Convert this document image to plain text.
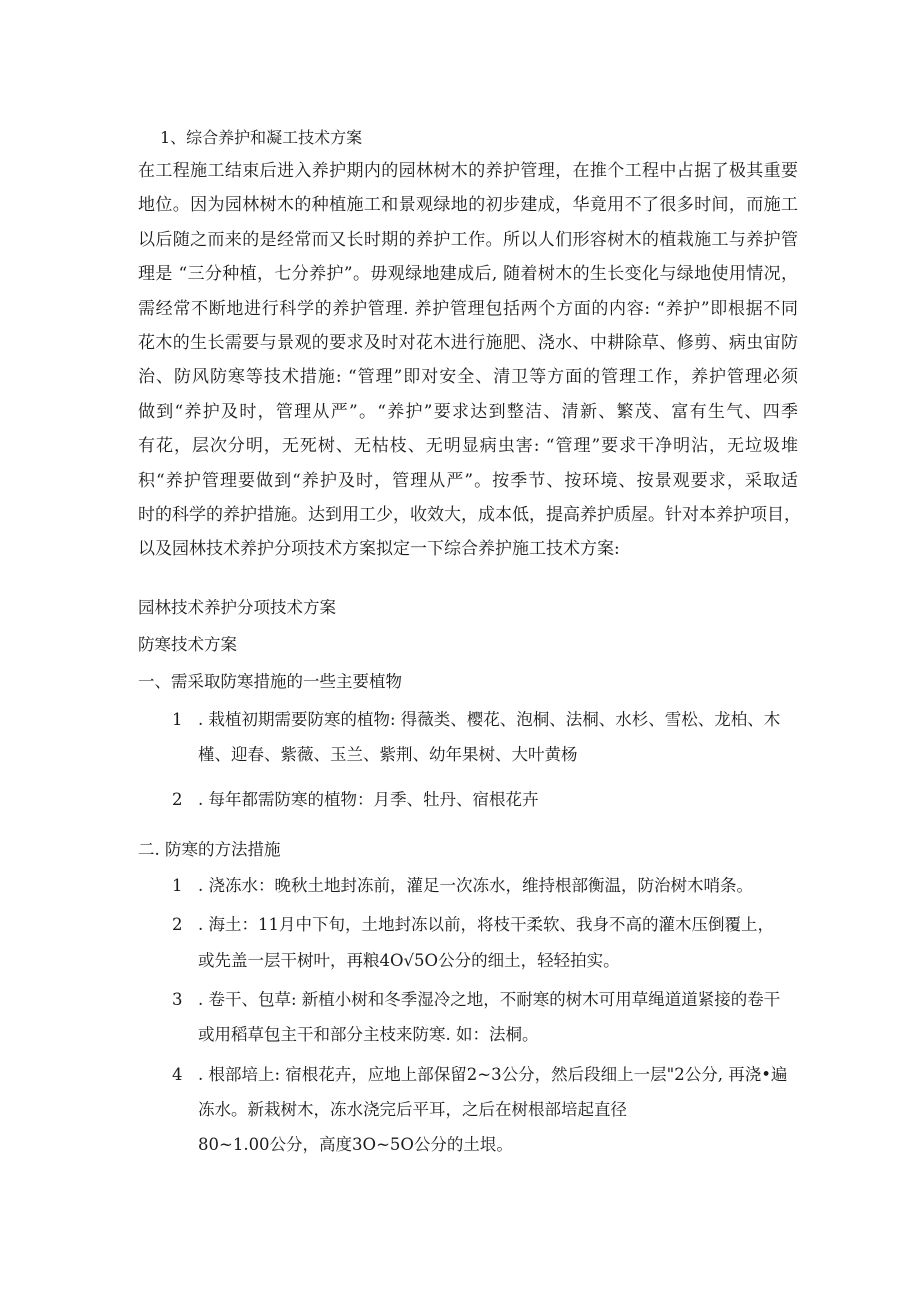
1、综合养护和凝工技术方案
在工程施工结束后进入养护期内的园林树木的养护管理，在推个工程中占据了极其重要
地位。因为园林树木的种植施工和景观绿地的初步建成，华竟用不了很多时间，而施工
以后随之而来的是经常而又长时期的养护工作。所以人们形容树木的植栽施工与养护管
理是 “三分种植，七分养护”。毋观绿地建成后, 随着树木的生长变化与绿地使用情况，
需经常不断地进行科学的养护管理. 养护管理包括两个方面的内容: “养护”即根据不同
花木的生长需要与景观的要求及时对花木进行施肥、浇水、中耕除草、修剪、病虫宙防
治、防风防寒等技术措施: “管理”即对安全、清卫等方面的管理工作，养护管理必须
做到“养护及时，管理从严”。“养护”要求达到整洁、清新、繁茂、富有生气、四季
有花，层次分明，无死树、无枯枝、无明显病虫害: “管理”要求干净明沾，无垃圾堆
积“养护管理要做到“养护及时，管理从严”。按季节、按环境、按景观要求，采取适
时的科学的养护措施。达到用工少，收效大，成本低，提高养护质屋。针对本养护项目，
以及园林技术养护分项技术方案拟定一下综合养护施工技术方案:
园林技术养护分项技术方案
防寒技术方案
一、需采取防寒措施的一些主要植物
1 . 栽植初期需要防寒的植物: 得薇类、樱花、泡桐、法桐、水杉、雪松、龙柏、木
槿、迎春、紫薇、玉兰、紫荆、幼年果树、大叶黄杨
2 . 每年都需防寒的植物：月季、牡丹、宿根花卉
二. 防寒的方法措施
1 . 浇冻水：晚秋土地封冻前，灌足一次冻水，维持根部衡温，防治树木哨条。
2 . 海土：11月中下旬，土地封冻以前，将枝干柔软、我身不高的灌木压倒覆上，
或先盖一层干树叶，再粮4O√5O公分的细土，轻轻拍实。
3 . 卷干、包草: 新植小树和冬季湿冷之地，不耐寒的树木可用草绳道道紧接的卷干
或用稻草包主干和部分主枝来防寒. 如：法桐。
4 . 根部培上: 宿根花卉，应地上部保留2~3公分，然后段细上一层"2公分, 再浇•遍
冻水。新栽树木，冻水浇完后平耳，之后在树根部培起直径
80~1.00公分，高度3O~5O公分的土垠。
